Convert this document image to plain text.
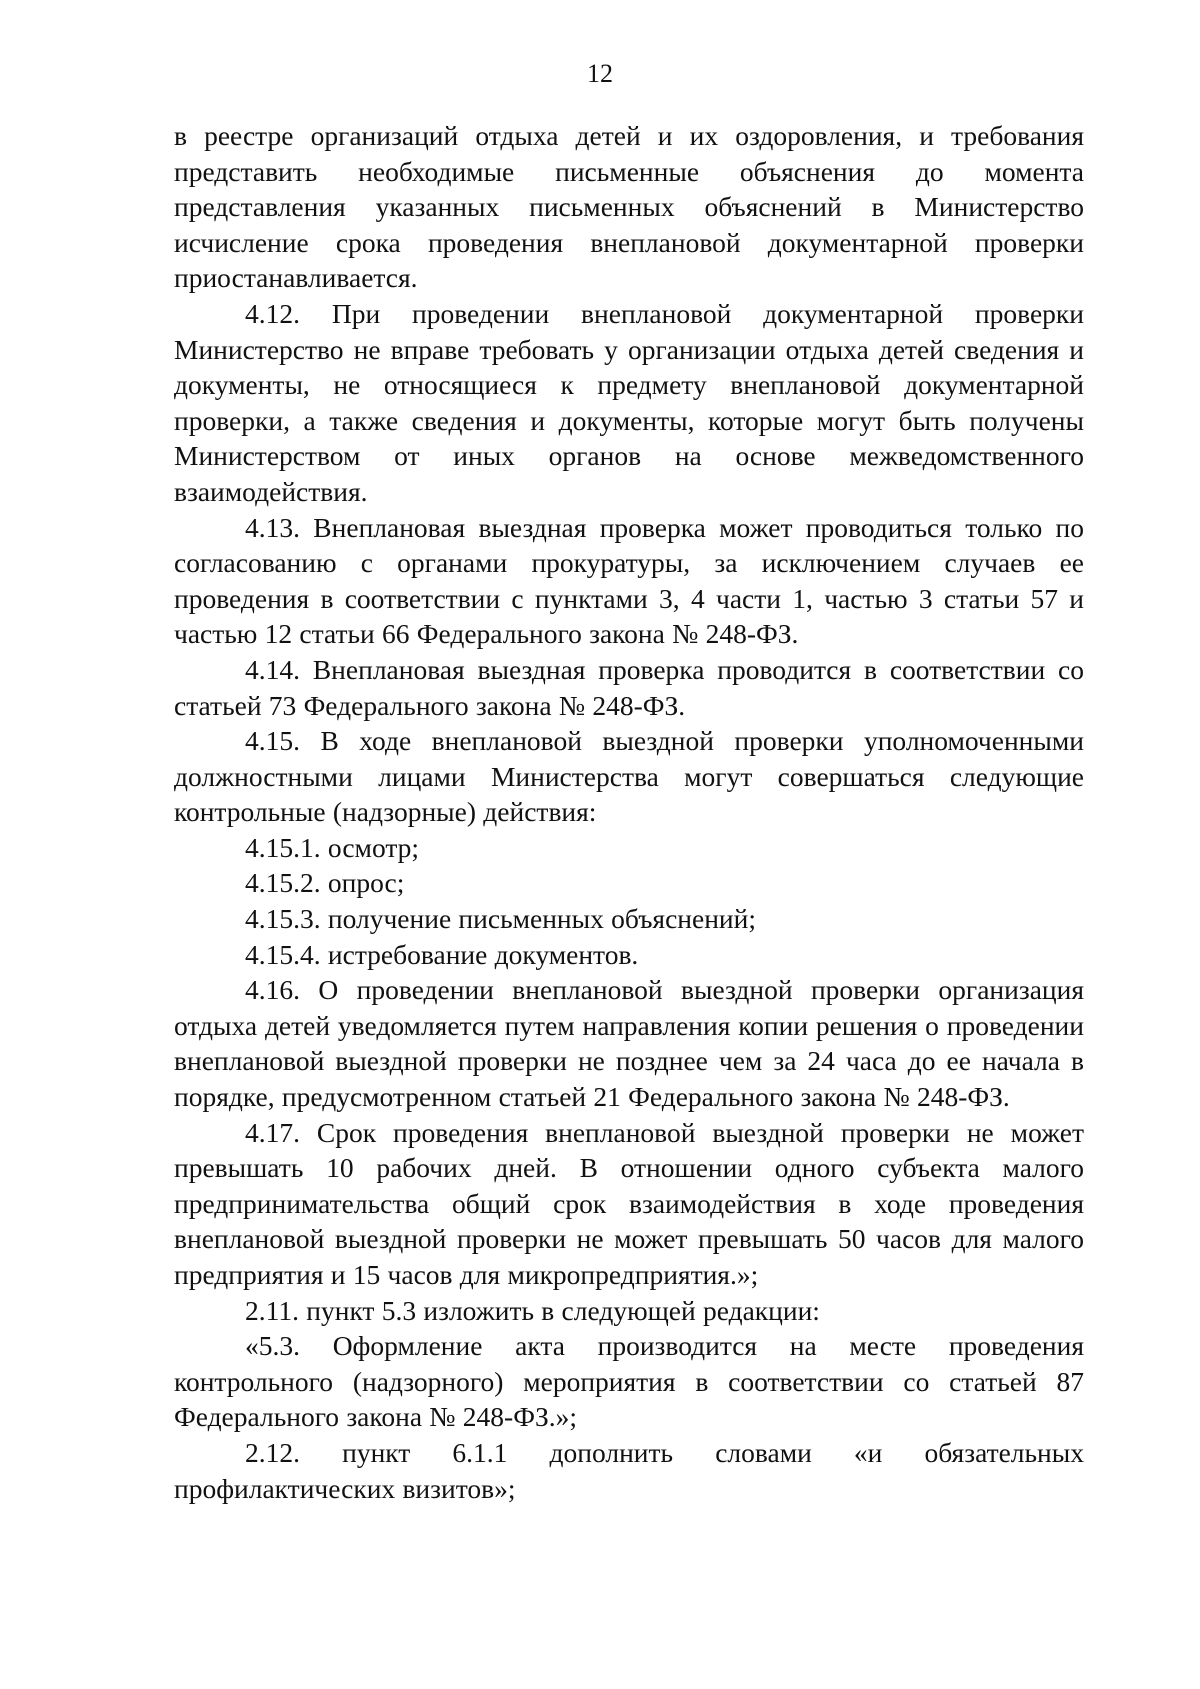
12

в реестре организаций отдыха детей и их оздоровления, и требования представить необходимые письменные объяснения до момента представления указанных письменных объяснений в Министерство исчисление срока проведения внеплановой документарной проверки приостанавливается.

4.12. При проведении внеплановой документарной проверки Министерство не вправе требовать у организации отдыха детей сведения и документы, не относящиеся к предмету внеплановой документарной проверки, а также сведения и документы, которые могут быть получены Министерством от иных органов на основе межведомственного взаимодействия.

4.13. Внеплановая выездная проверка может проводиться только по согласованию с органами прокуратуры, за исключением случаев ее проведения в соответствии с пунктами 3, 4 части 1, частью 3 статьи 57 и частью 12 статьи 66 Федерального закона № 248-ФЗ.

4.14. Внеплановая выездная проверка проводится в соответствии со статьей 73 Федерального закона № 248-ФЗ.

4.15. В ходе внеплановой выездной проверки уполномоченными должностными лицами Министерства могут совершаться следующие контрольные (надзорные) действия:

4.15.1. осмотр;

4.15.2. опрос;

4.15.3. получение письменных объяснений;

4.15.4. истребование документов.

4.16. О проведении внеплановой выездной проверки организация отдыха детей уведомляется путем направления копии решения о проведении внеплановой выездной проверки не позднее чем за 24 часа до ее начала в порядке, предусмотренном статьей 21 Федерального закона № 248-ФЗ.

4.17. Срок проведения внеплановой выездной проверки не может превышать 10 рабочих дней. В отношении одного субъекта малого предпринимательства общий срок взаимодействия в ходе проведения внеплановой выездной проверки не может превышать 50 часов для малого предприятия и 15 часов для микропредприятия.»;

2.11. пункт 5.3 изложить в следующей редакции:

«5.3. Оформление акта производится на месте проведения контрольного (надзорного) мероприятия в соответствии со статьей 87 Федерального закона № 248-ФЗ.»;

2.12. пункт 6.1.1 дополнить словами «и обязательных профилактических визитов»;
